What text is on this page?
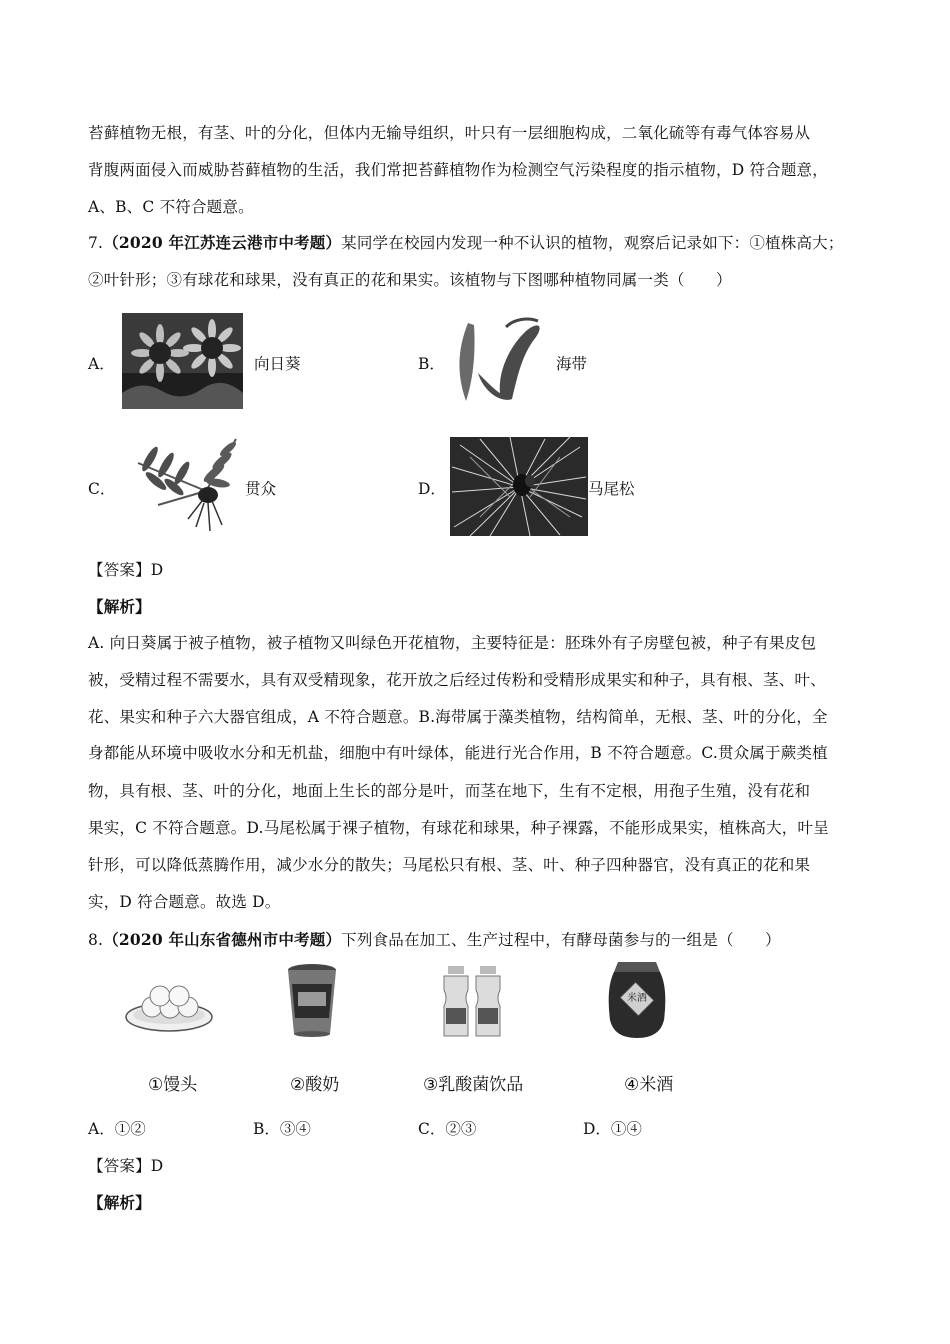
苔藓植物无根，有茎、叶的分化，但体内无输导组织，叶只有一层细胞构成，二氧化硫等有毒气体容易从
背腹两面侵入而威胁苔藓植物的生活，我们常把苔藓植物作为检测空气污染程度的指示植物，D 符合题意，
A、B、C 不符合题意。
7.（2020 年江苏连云港市中考题）某同学在校园内发现一种不认识的植物，观察后记录如下：①植株高大；
②叶针形；③有球花和球果，没有真正的花和果实。该植物与下图哪种植物同属一类（　　）
A．	向日葵	B．	海带
C．	贯众	D．	马尾松
【答案】D
【解析】
A. 向日葵属于被子植物，被子植物又叫绿色开花植物，主要特征是：胚珠外有子房壁包被，种子有果皮包
被，受精过程不需要水，具有双受精现象，花开放之后经过传粉和受精形成果实和种子，具有根、茎、叶、
花、果实和种子六大器官组成，A 不符合题意。B.海带属于藻类植物，结构简单，无根、茎、叶的分化，全
身都能从环境中吸收水分和无机盐，细胞中有叶绿体，能进行光合作用，B 不符合题意。C.贯众属于蕨类植
物，具有根、茎、叶的分化，地面上生长的部分是叶，而茎在地下，生有不定根，用孢子生殖，没有花和
果实，C 不符合题意。D.马尾松属于裸子植物，有球花和球果，种子裸露，不能形成果实，植株高大，叶呈
针形，可以降低蒸腾作用，减少水分的散失；马尾松只有根、茎、叶、种子四种器官，没有真正的花和果
实，D 符合题意。故选 D。
8.（2020 年山东省德州市中考题）下列食品在加工、生产过程中，有酵母菌参与的一组是（　　）
米酒
①馒头	②酸奶	③乳酸菌饮品	④米酒
A．①②	B．③④	C．②③	D．①④
【答案】D
【解析】
